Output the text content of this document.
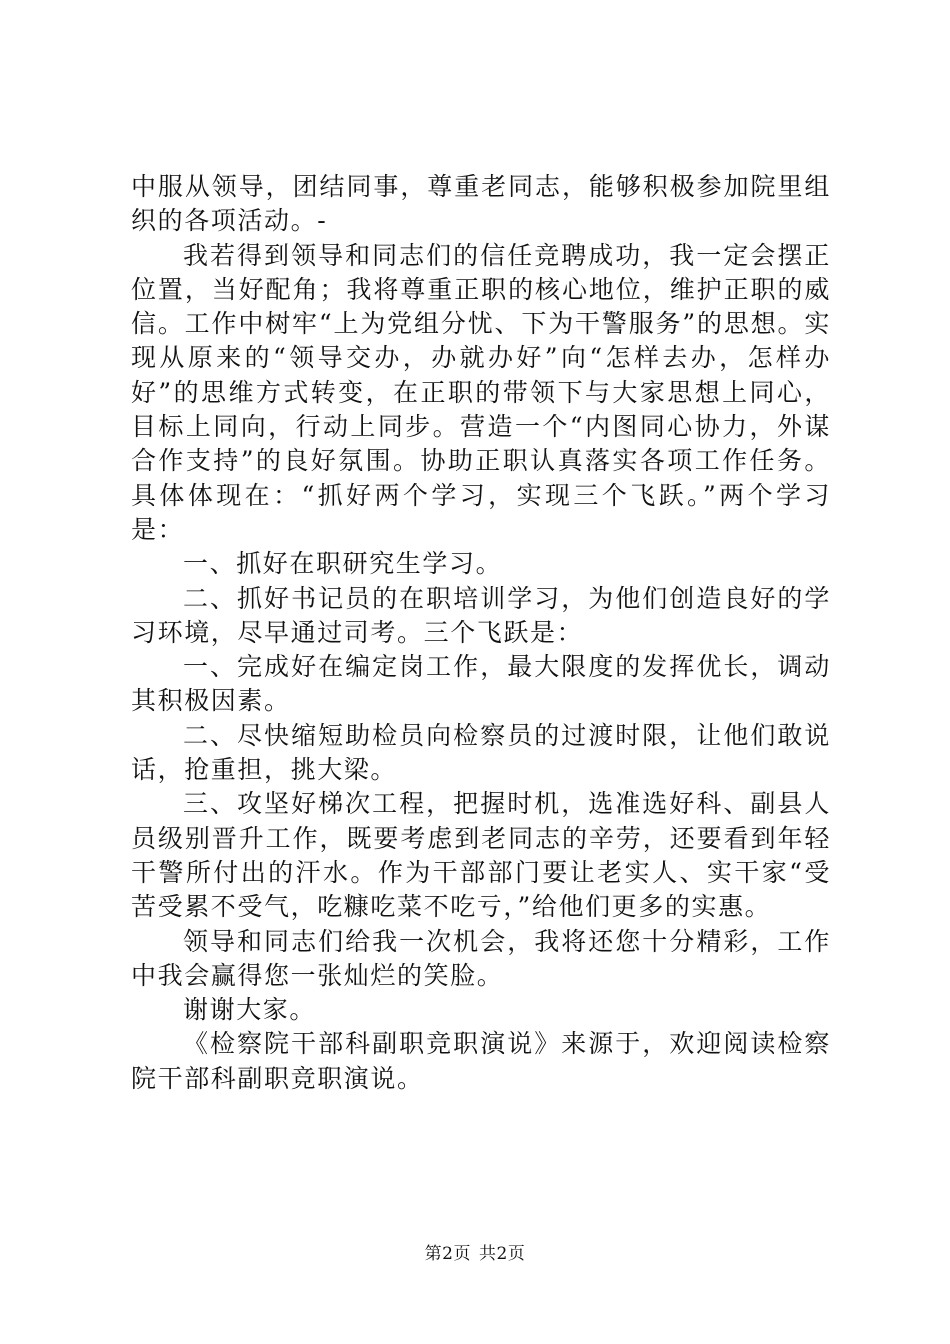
中服从领导，团结同事，尊重老同志，能够积极参加院里组织的各项活动。-

我若得到领导和同志们的信任竞聘成功，我一定会摆正位置，当好配角；我将尊重正职的核心地位，维护正职的威信。工作中树牢“上为党组分忧、下为干警服务”的思想。实现从原来的“领导交办，办就办好”向“怎样去办，怎样办好”的思维方式转变，在正职的带领下与大家思想上同心，目标上同向，行动上同步。营造一个“内图同心协力，外谋合作支持”的良好氛围。协助正职认真落实各项工作任务。具体体现在：“抓好两个学习，实现三个飞跃。”两个学习是：

一、抓好在职研究生学习。

二、抓好书记员的在职培训学习，为他们创造良好的学习环境，尽早通过司考。三个飞跃是：

一、完成好在编定岗工作，最大限度的发挥优长，调动其积极因素。

二、尽快缩短助检员向检察员的过渡时限，让他们敢说话，抢重担，挑大梁。

三、攻坚好梯次工程，把握时机，选准选好科、副县人员级别晋升工作，既要考虑到老同志的辛劳，还要看到年轻干警所付出的汗水。作为干部部门要让老实人、实干家“受苦受累不受气，吃糠吃菜不吃亏，”给他们更多的实惠。

领导和同志们给我一次机会，我将还您十分精彩，工作中我会赢得您一张灿烂的笑脸。

谢谢大家。

《检察院干部科副职竞职演说》来源于，欢迎阅读检察院干部科副职竞职演说。

第2页 共2页
